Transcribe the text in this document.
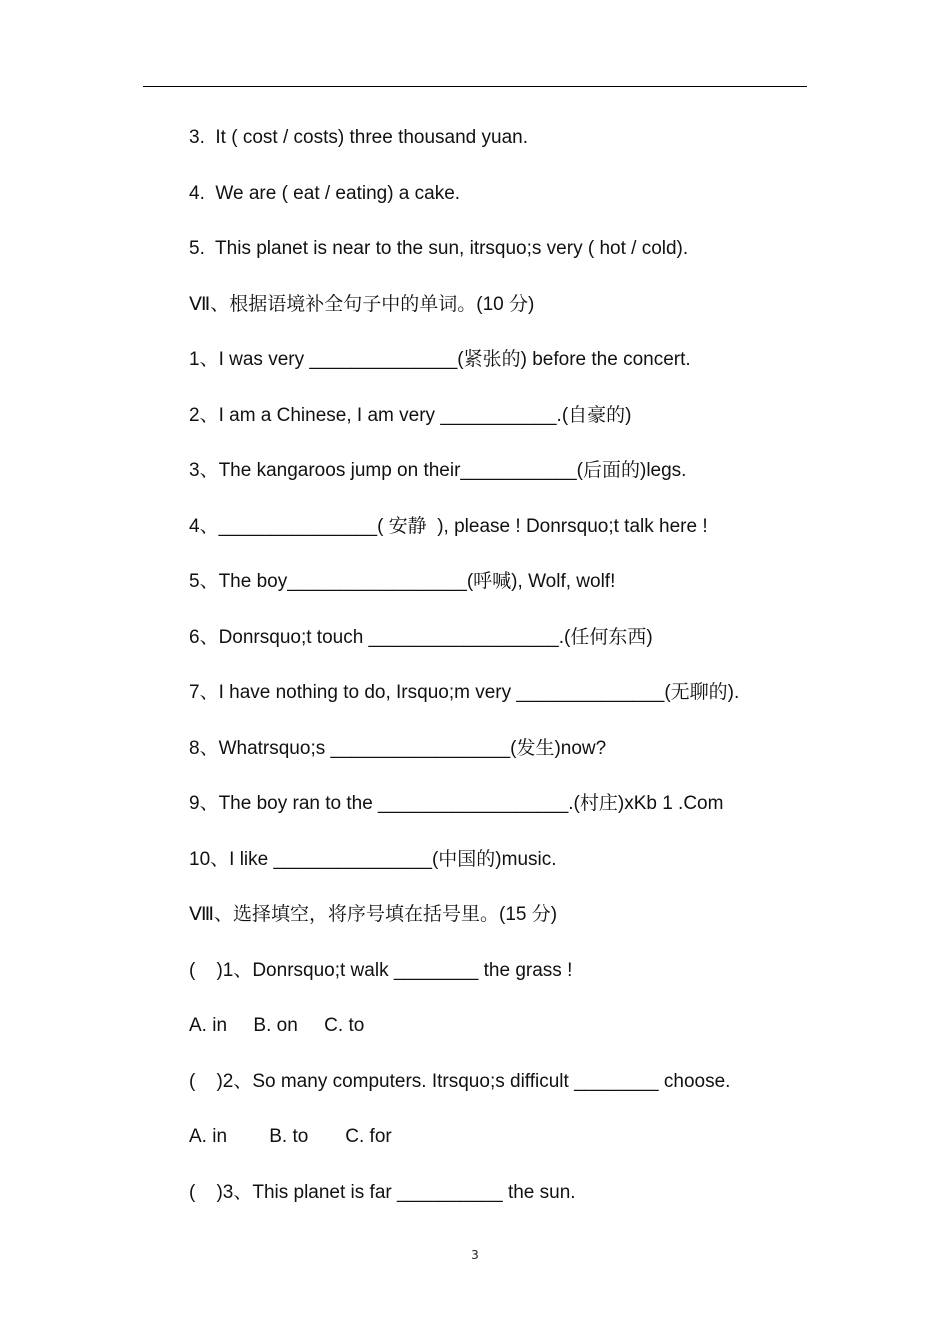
3.  It ( cost / costs) three thousand yuan.
4.  We are ( eat / eating) a cake.
5.  This planet is near to the sun, itrsquo;s very ( hot / cold).
Ⅶ、根据语境补全句子中的单词。(10 分)
1、I was very ______________(紧张的) before the concert.
2、I am a Chinese, I am very ___________.(自豪的)
3、The kangaroos jump on their___________(后面的)legs.
4、_______________( 安静  ), please ! Donrsquo;t talk here !
5、The boy_________________(呼喊), Wolf, wolf!
6、Donrsquo;t touch __________________.(任何东西)
7、I have nothing to do, Irsquo;m very ______________(无聊的).
8、Whatrsquo;s _________________(发生)now?
9、The boy ran to the __________________.(村庄)xKb 1 .Com
10、I like _______________(中国的)music.
Ⅷ、选择填空，将序号填在括号里。(15 分)
(    )1、Donrsquo;t walk ________ the grass !
A. in     B. on     C. to
(    )2、So many computers. Itrsquo;s difficult ________ choose.
A. in        B. to       C. for
(    )3、This planet is far __________ the sun.
3
